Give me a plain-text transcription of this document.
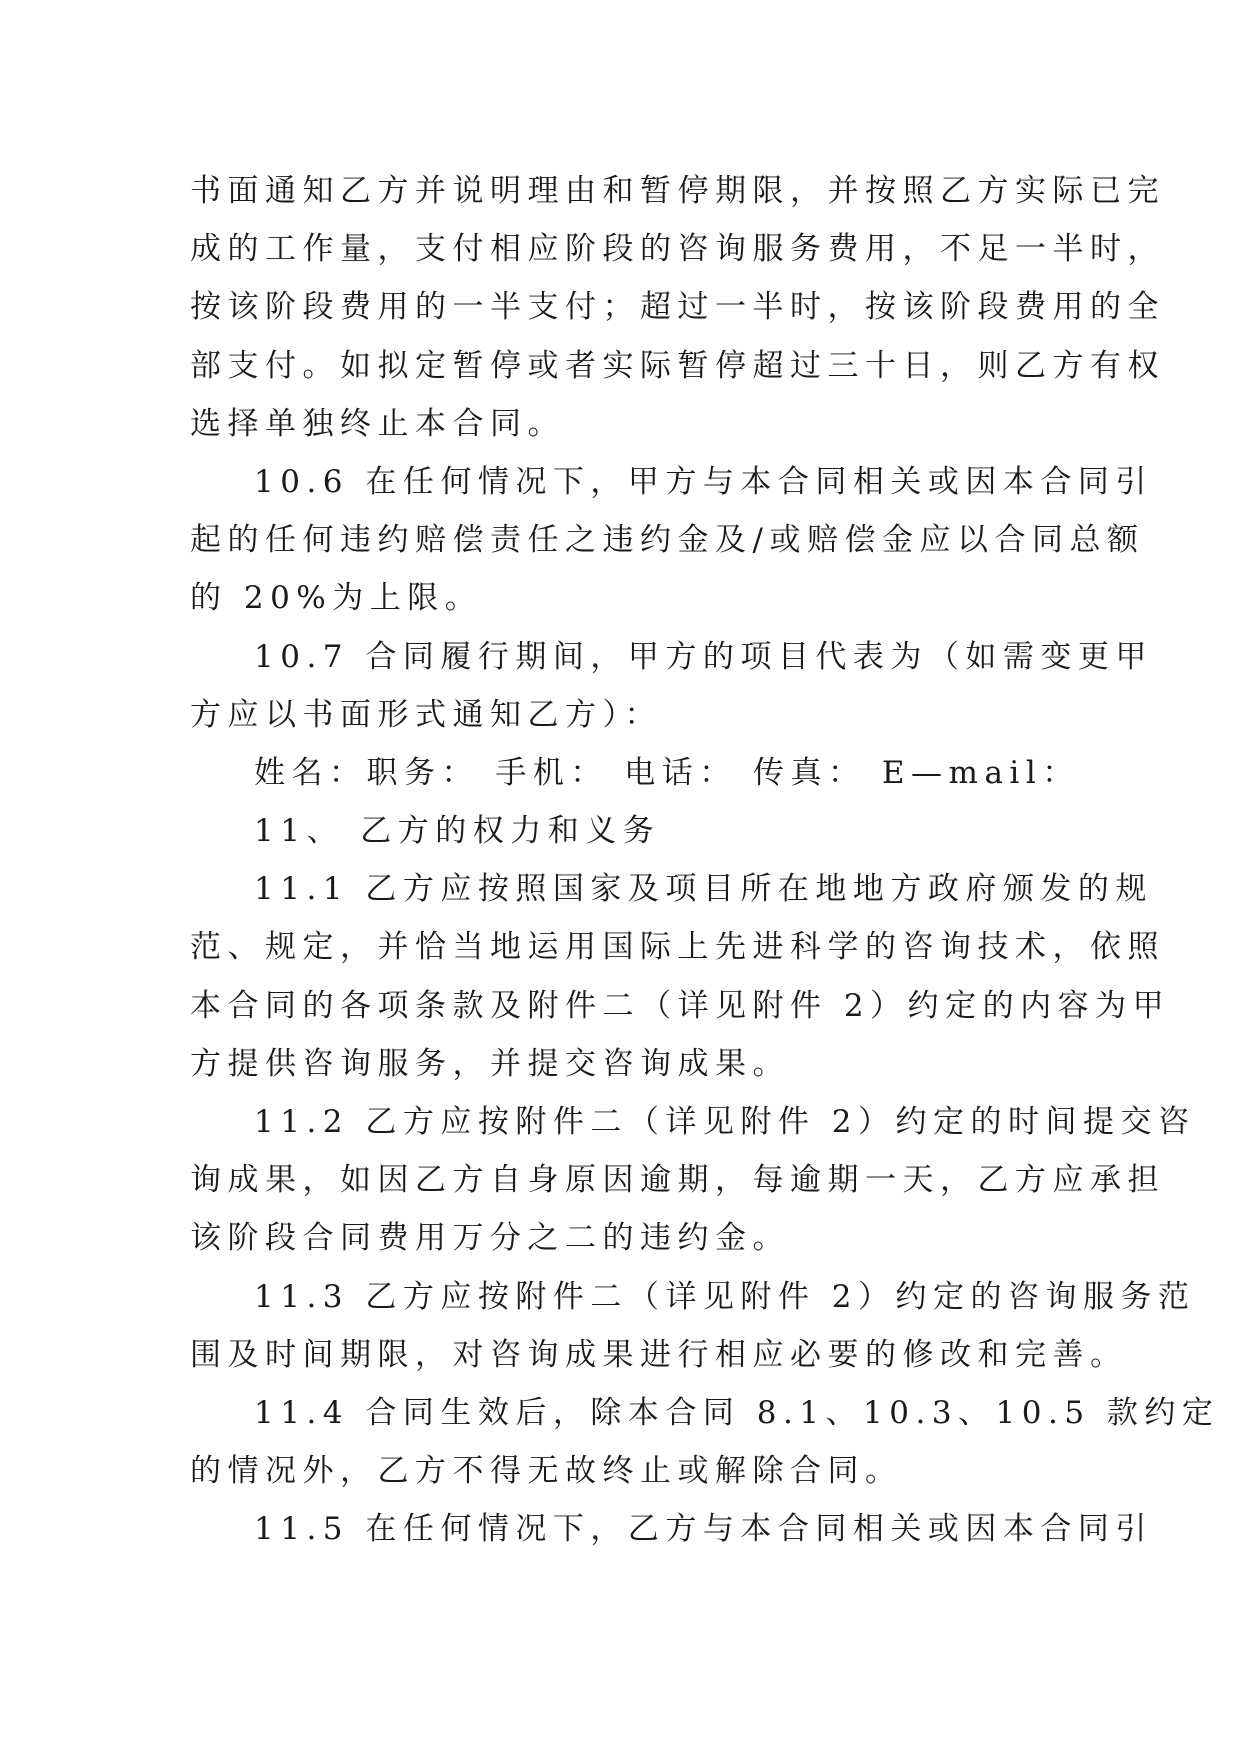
书面通知乙方并说明理由和暂停期限，并按照乙方实际已完
成的工作量，支付相应阶段的咨询服务费用，不足一半时，
按该阶段费用的一半支付；超过一半时，按该阶段费用的全
部支付。如拟定暂停或者实际暂停超过三十日，则乙方有权
选择单独终止本合同。
10.6 在任何情况下，甲方与本合同相关或因本合同引
起的任何违约赔偿责任之违约金及/或赔偿金应以合同总额
的 20%为上限。
10.7 合同履行期间，甲方的项目代表为（如需变更甲
方应以书面形式通知乙方）：
姓名：职务： 手机： 电话： 传真： E—mail：
11、 乙方的权力和义务
11.1 乙方应按照国家及项目所在地地方政府颁发的规
范、规定，并恰当地运用国际上先进科学的咨询技术，依照
本合同的各项条款及附件二（详见附件 2）约定的内容为甲
方提供咨询服务，并提交咨询成果。
11.2 乙方应按附件二（详见附件 2）约定的时间提交咨
询成果，如因乙方自身原因逾期，每逾期一天，乙方应承担
该阶段合同费用万分之二的违约金。
11.3 乙方应按附件二（详见附件 2）约定的咨询服务范
围及时间期限，对咨询成果进行相应必要的修改和完善。
11.4 合同生效后，除本合同 8.1、10.3、10.5 款约定
的情况外，乙方不得无故终止或解除合同。
11.5 在任何情况下，乙方与本合同相关或因本合同引
